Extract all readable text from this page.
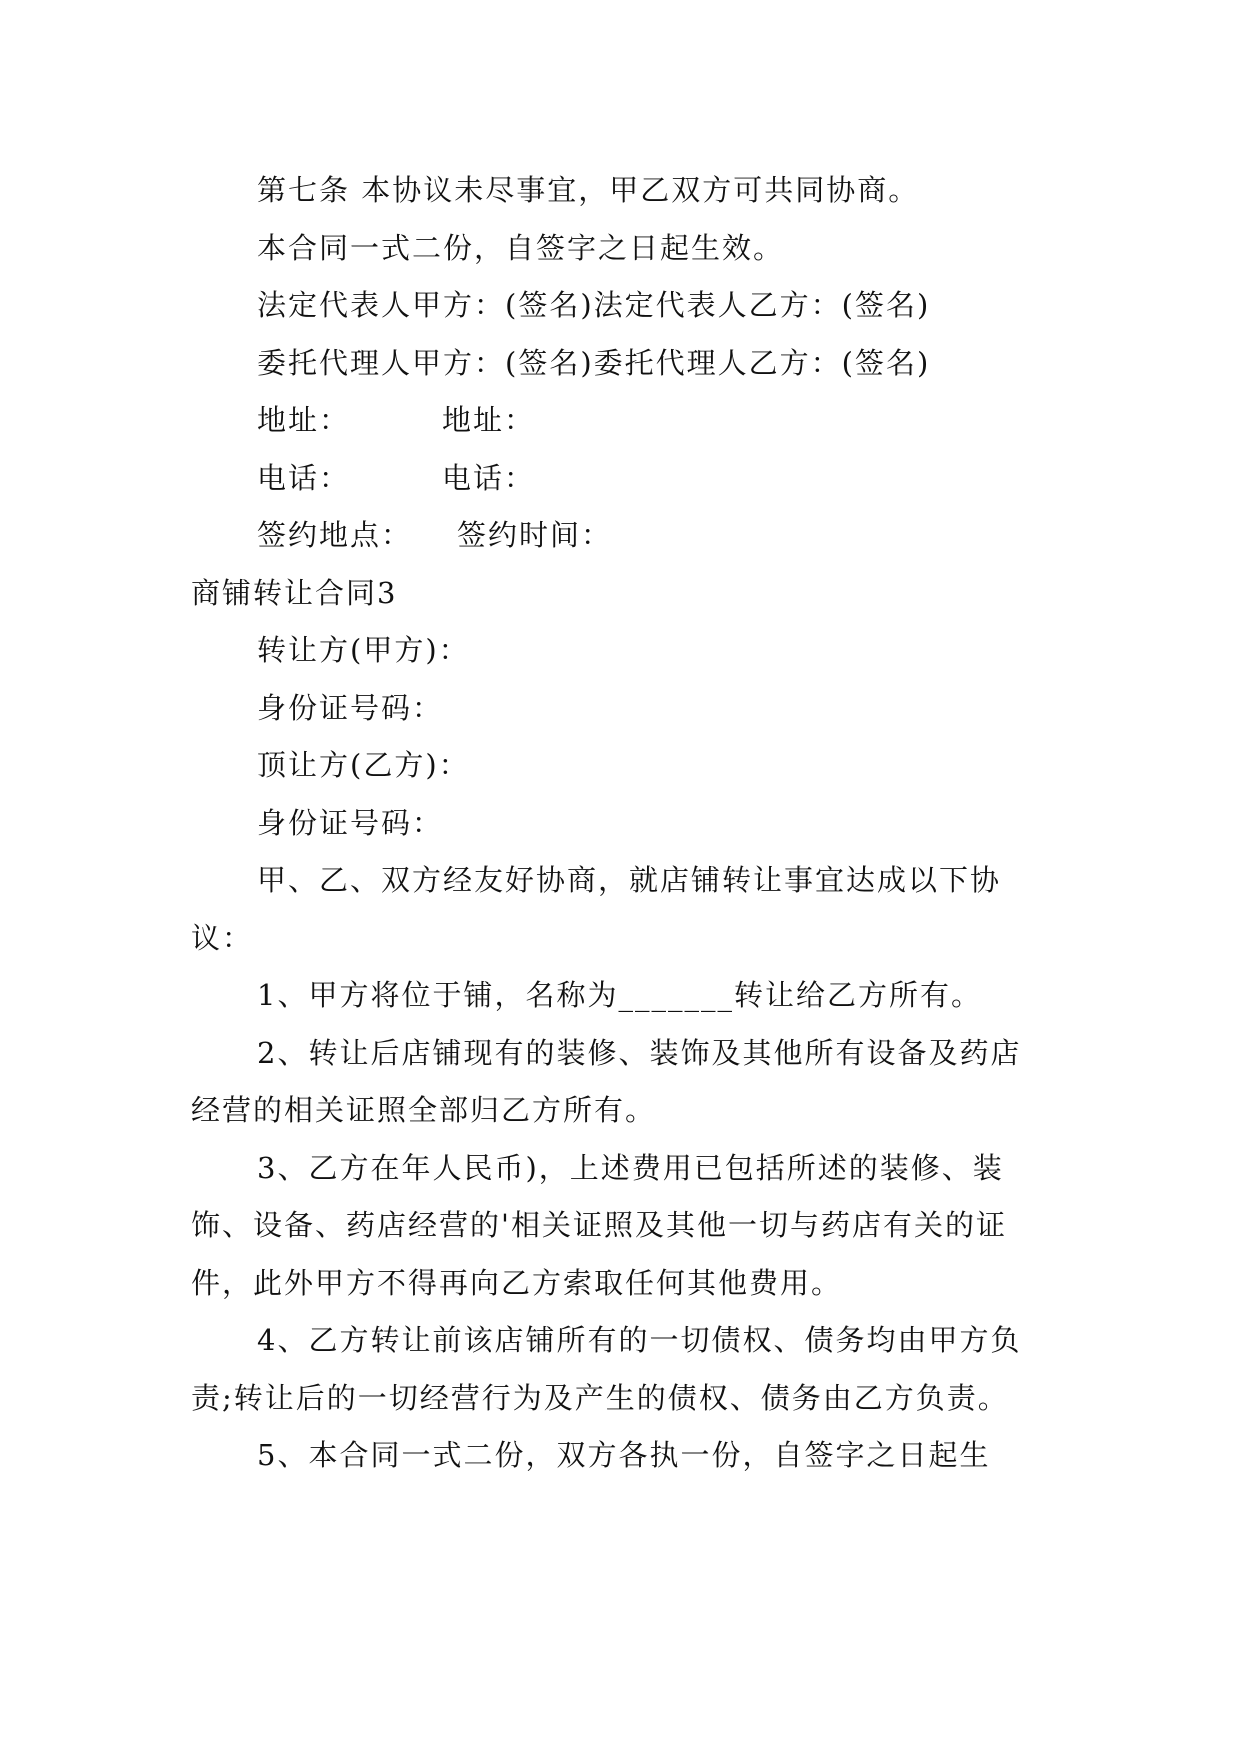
第七条 本协议未尽事宜，甲乙双方可共同协商。

本合同一式二份，自签字之日起生效。

法定代表人甲方：(签名)法定代表人乙方：(签名)

委托代理人甲方：(签名)委托代理人乙方：(签名)

地址：	地址：
电话：	电话：
签约地点： 签约时间：

商铺转让合同3

转让方(甲方)：

身份证号码：

顶让方(乙方)：

身份证号码：

甲、乙、双方经友好协商，就店铺转让事宜达成以下协议：

1、甲方将位于铺，名称为_______转让给乙方所有。

2、转让后店铺现有的装修、装饰及其他所有设备及药店经营的相关证照全部归乙方所有。

3、乙方在年人民币)，上述费用已包括所述的装修、装饰、设备、药店经营的'相关证照及其他一切与药店有关的证件，此外甲方不得再向乙方索取任何其他费用。

4、乙方转让前该店铺所有的一切债权、债务均由甲方负责;转让后的一切经营行为及产生的债权、债务由乙方负责。

5、本合同一式二份，双方各执一份，自签字之日起生
